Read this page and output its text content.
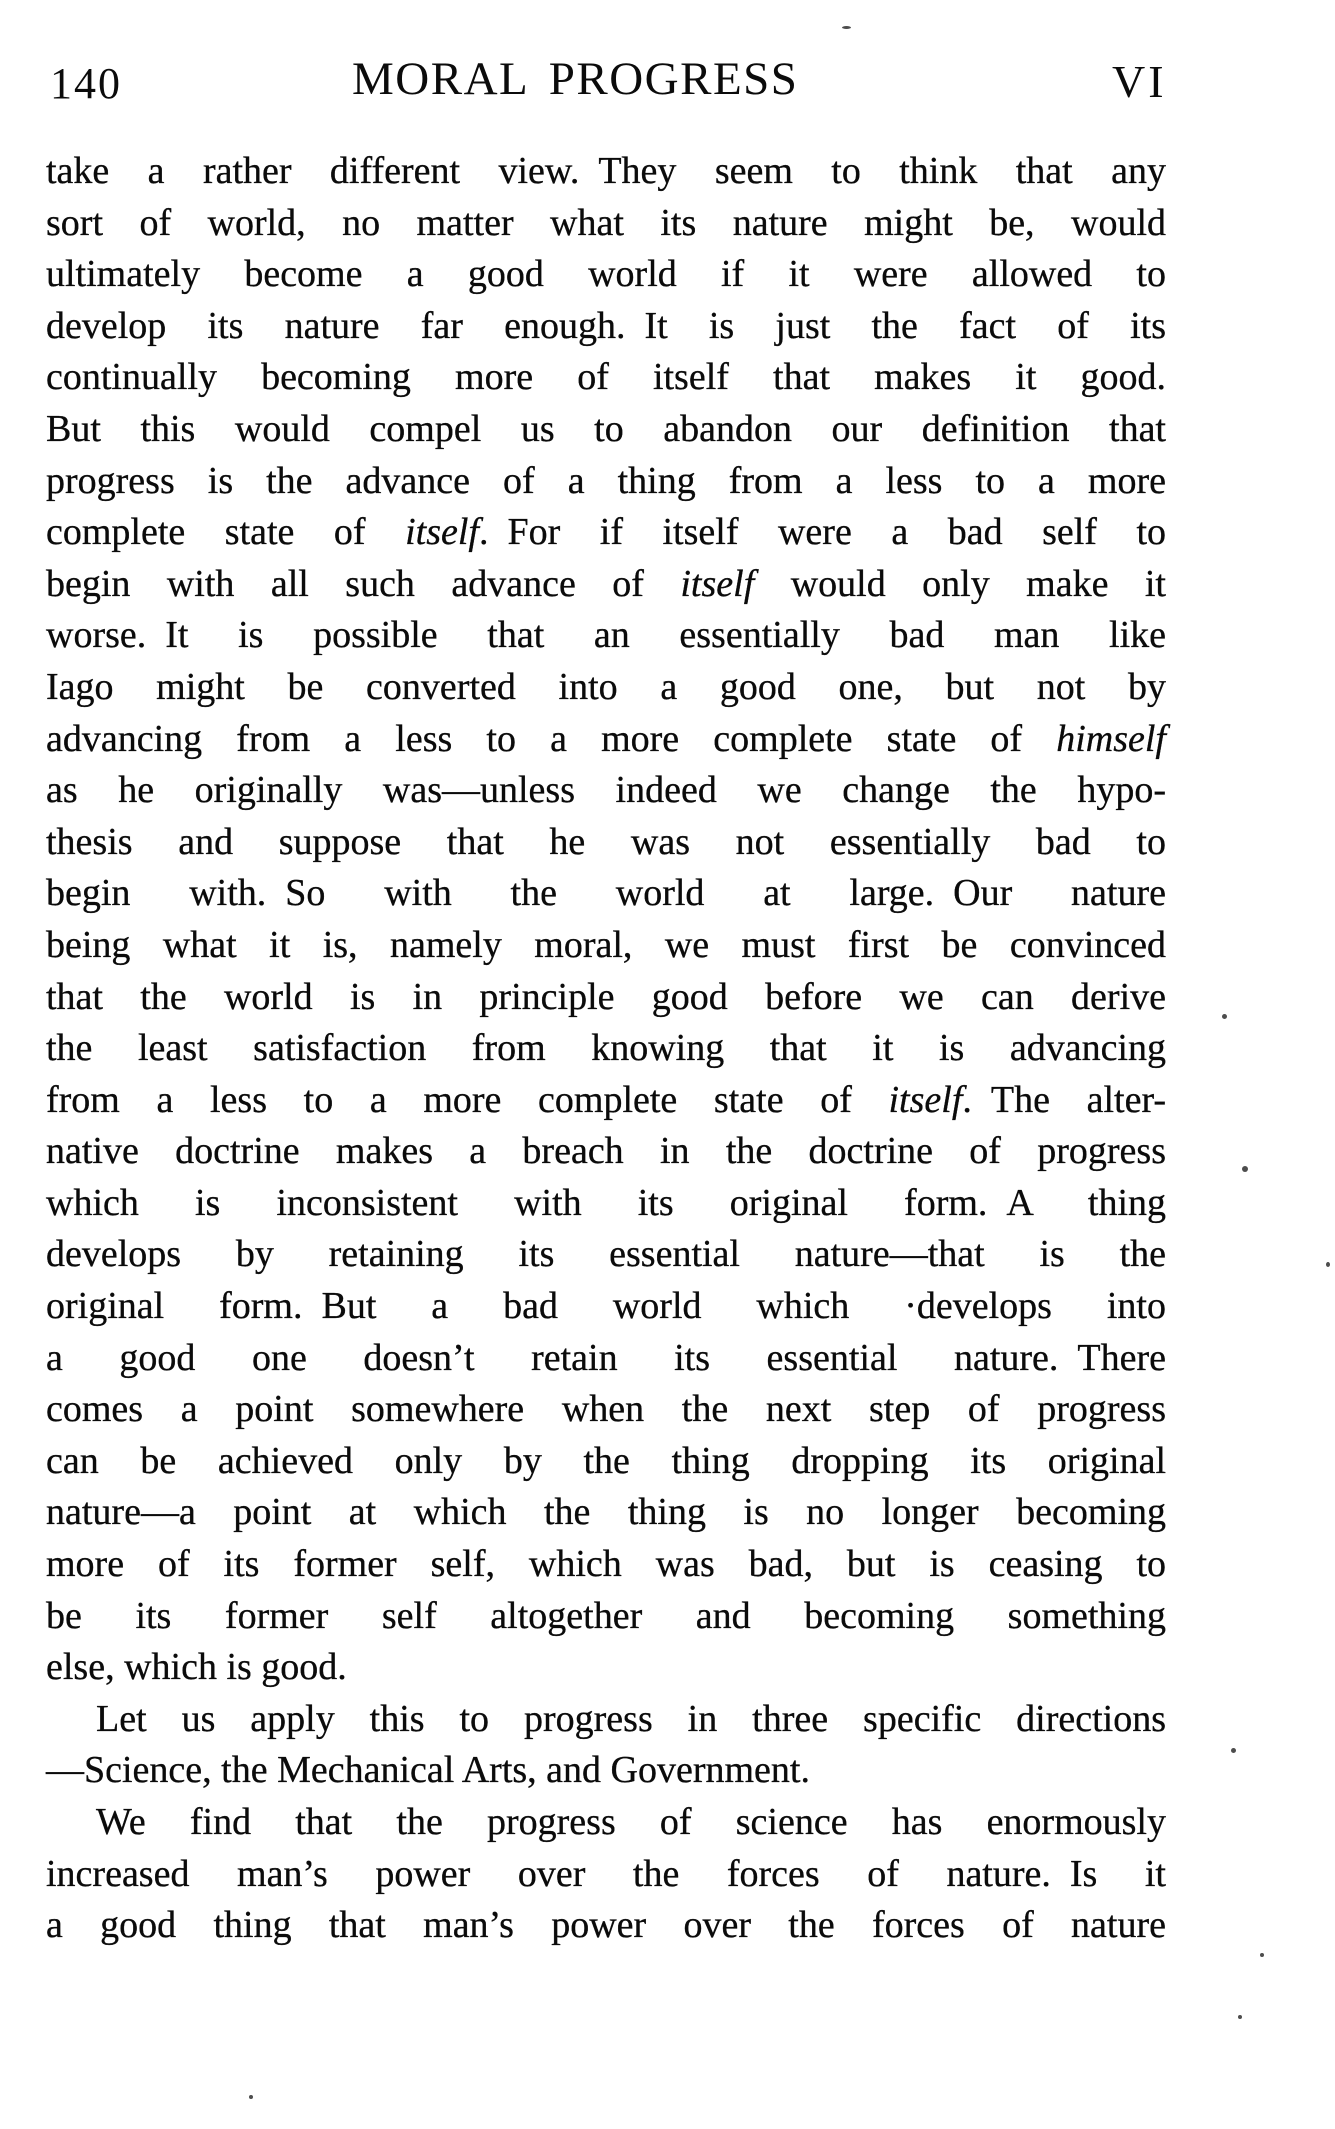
140	MORAL PROGRESS	VI
take a rather different view. They seem to think that any
sort of world, no matter what its nature might be, would
ultimately become a good world if it were allowed to
develop its nature far enough. It is just the fact of its
continually becoming more of itself that makes it good.
But this would compel us to abandon our definition that
progress is the advance of a thing from a less to a more
complete state of itself. For if itself were a bad self to
begin with all such advance of itself would only make it
worse. It is possible that an essentially bad man like
Iago might be converted into a good one, but not by
advancing from a less to a more complete state of himself
as he originally was—unless indeed we change the hypo-
thesis and suppose that he was not essentially bad to
begin with. So with the world at large. Our nature
being what it is, namely moral, we must first be convinced
that the world is in principle good before we can derive
the least satisfaction from knowing that it is advancing
from a less to a more complete state of itself. The alter-
native doctrine makes a breach in the doctrine of progress
which is inconsistent with its original form. A thing
develops by retaining its essential nature—that is the
original form. But a bad world which ·develops into
a good one doesn’t retain its essential nature. There
comes a point somewhere when the next step of progress
can be achieved only by the thing dropping its original
nature—a point at which the thing is no longer becoming
more of its former self, which was bad, but is ceasing to
be its former self altogether and becoming something
else, which is good.
Let us apply this to progress in three specific directions
—Science, the Mechanical Arts, and Government.
We find that the progress of science has enormously
increased man’s power over the forces of nature. Is it
a good thing that man’s power over the forces of nature
